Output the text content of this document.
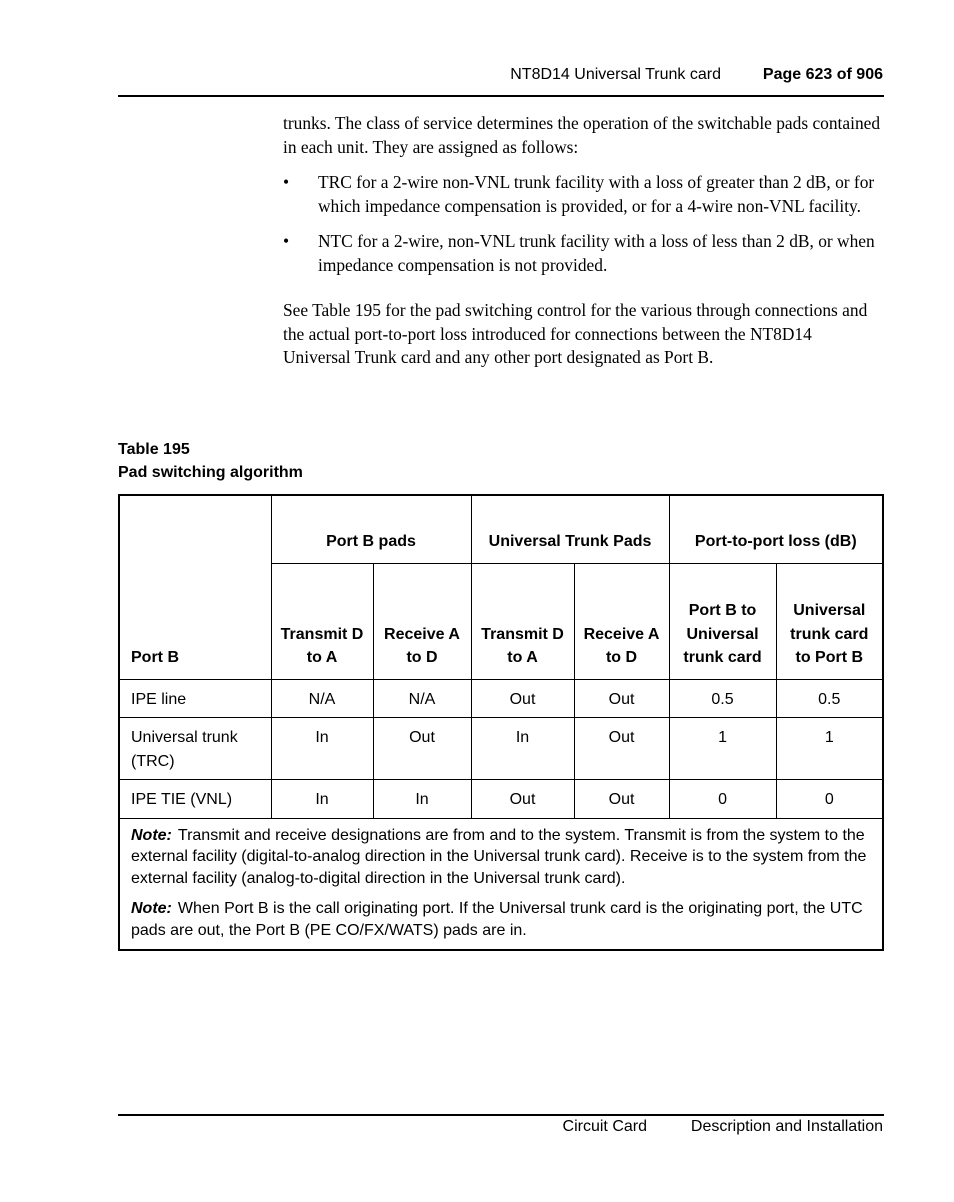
NT8D14 Universal Trunk card	Page 623 of 906

trunks. The class of service determines the operation of the switchable pads contained in each unit. They are assigned as follows:

• TRC for a 2-wire non-VNL trunk facility with a loss of greater than 2 dB, or for which impedance compensation is provided, or for a 4-wire non-VNL facility.
• NTC for a 2-wire, non-VNL trunk facility with a loss of less than 2 dB, or when impedance compensation is not provided.

See Table 195 for the pad switching control for the various through connections and the actual port-to-port loss introduced for connections between the NT8D14 Universal Trunk card and any other port designated as Port B.

Table 195
Pad switching algorithm
Port B	Port B pads		Universal Trunk Pads		Port-to-port loss (dB)	
	Transmit D to A	Receive A to D	Transmit D to A	Receive A to D	Port B to Universal trunk card	Universal trunk card to Port B
IPE line	N/A	N/A	Out	Out	0.5	0.5
Universal trunk (TRC)	In	Out	In	Out	1	1
IPE TIE (VNL)	In	In	Out	Out	0	0

Note: Transmit and receive designations are from and to the system. Transmit is from the system to the external facility (digital-to-analog direction in the Universal trunk card). Receive is to the system from the external facility (analog-to-digital direction in the Universal trunk card).

Note: When Port B is the call originating port. If the Universal trunk card is the originating port, the UTC pads are out, the Port B (PE CO/FX/WATS) pads are in.						

Circuit Card	Description and Installation
